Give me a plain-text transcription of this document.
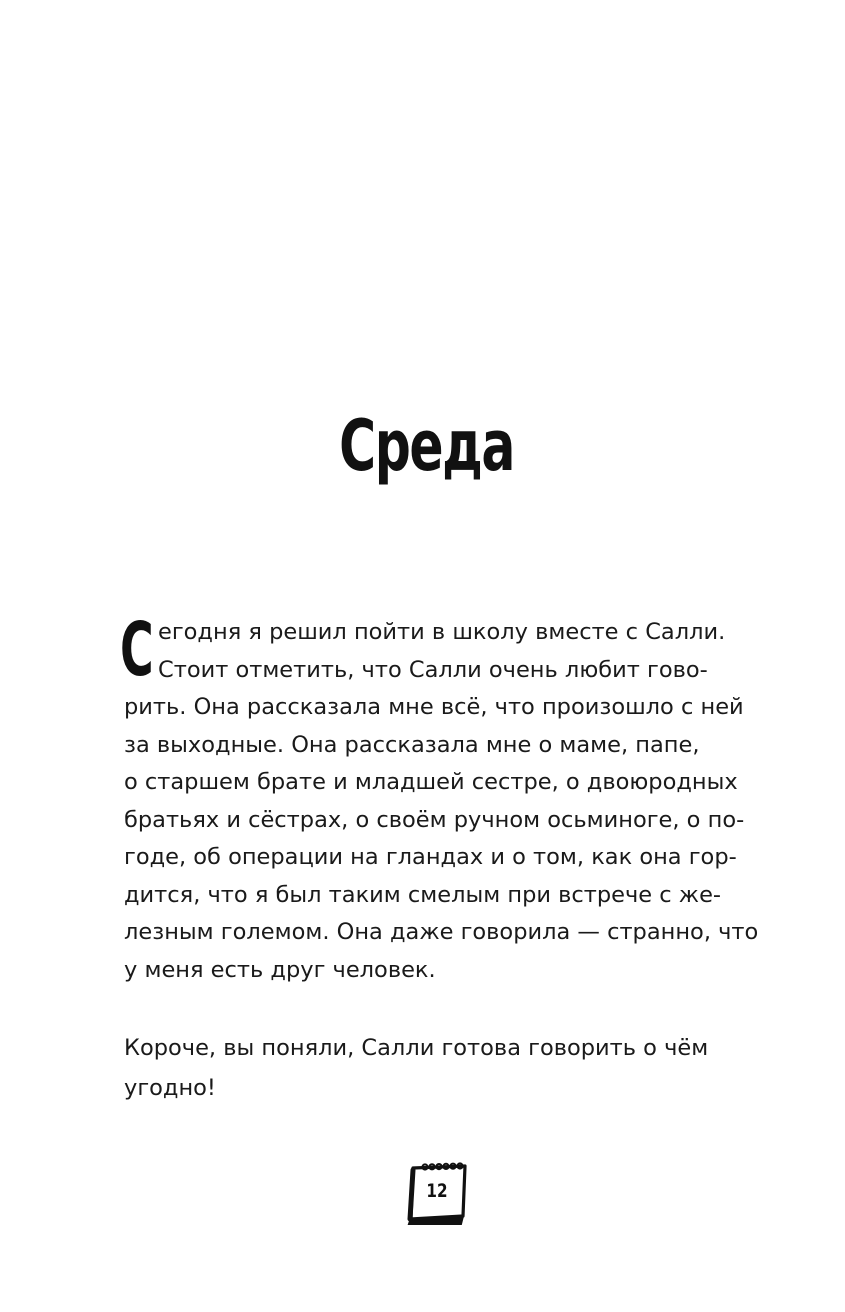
Среда
С егодня я решил пойти в школу вместе с Салли.
Стоит отметить, что Салли очень любит гово-
рить. Она рассказала мне всё, что произошло с ней
за выходные. Она рассказала мне о маме, папе,
о старшем брате и младшей сестре, о двоюродных
братьях и сёстрах, о своём ручном осьминоге, о по-
годе, об операции на гландах и о том, как она гор-
дится, что я был таким смелым при встрече с же-
лезным големом. Она даже говорила — странно, что
у меня есть друг человек.
Короче, вы поняли, Салли готова говорить о чём
угодно!
12
